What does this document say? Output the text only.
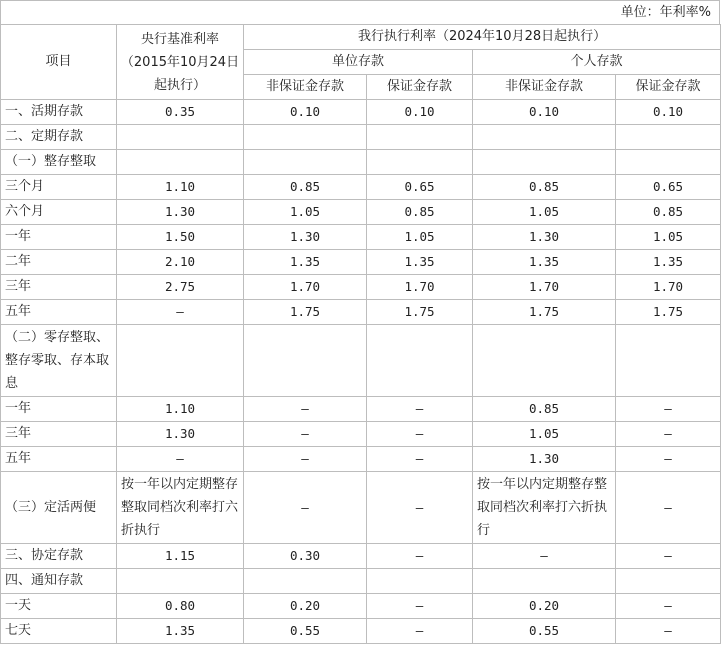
单位：年利率%
项目	央行基准利率（2015年10月24日起执行）	我行执行利率（2024年10月28日起执行）			
		单位存款		个人存款	
		非保证金存款	保证金存款	非保证金存款	保证金存款
一、活期存款	0.35	0.10	0.10	0.10	0.10
二、定期存款					
（一）整存整取					
三个月	1.10	0.85	0.65	0.85	0.65
六个月	1.30	1.05	0.85	1.05	0.85
一年	1.50	1.30	1.05	1.30	1.05
二年	2.10	1.35	1.35	1.35	1.35
三年	2.75	1.70	1.70	1.70	1.70
五年	–	1.75	1.75	1.75	1.75
（二）零存整取、整存零取、存本取息					
一年	1.10	–	–	0.85	–
三年	1.30	–	–	1.05	–
五年	–	–	–	1.30	–
（三）定活两便	按一年以内定期整存整取同档次利率打六折执行	–	–	按一年以内定期整存整取同档次利率打六折执行	–
三、协定存款	1.15	0.30	–	–	–
四、通知存款					
一天	0.80	0.20	–	0.20	–
七天	1.35	0.55	–	0.55	–
